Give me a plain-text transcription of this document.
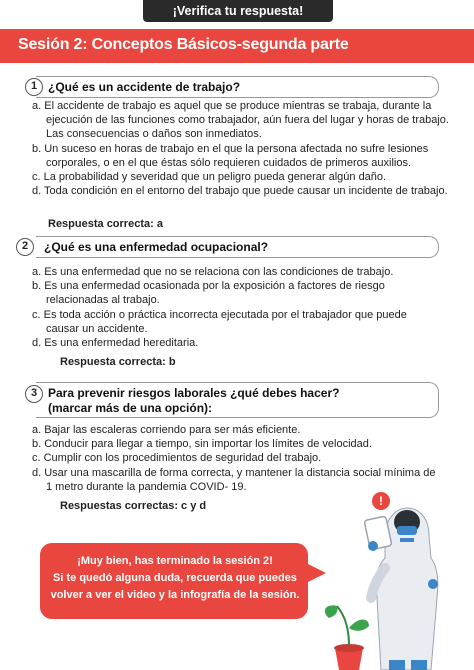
¡Verifica tu respuesta!
Sesión 2: Conceptos Básicos-segunda parte
1 ¿Qué es un accidente de trabajo?
a. El accidente de trabajo es aquel que se produce mientras se trabaja, durante la ejecución de las funciones como trabajador, aún fuera del lugar y horas de trabajo. Las consecuencias o daños son inmediatos.
b. Un suceso en horas de trabajo en el que la persona afectada no sufre lesiones corporales, o en el que éstas sólo requieren cuidados de primeros auxilios.
c. La probabilidad y severidad que un peligro pueda generar algún daño.
d. Toda condición en el entorno del trabajo que puede causar un incidente de trabajo.
Respuesta correcta: a
2	¿Qué es una enfermedad ocupacional?
a. Es una enfermedad que no se relaciona con las condiciones de trabajo.
b. Es una enfermedad ocasionada por la exposición a factores de riesgo relacionadas al trabajo.
c. Es toda acción o práctica incorrecta ejecutada por el trabajador que puede causar un accidente.
d. Es una enfermedad hereditaria.
Respuesta correcta: b
3 Para prevenir riesgos laborales ¿qué debes hacer?
(marcar más de una opción):
a. Bajar las escaleras corriendo para ser más eficiente.
b. Conducir para llegar a tiempo, sin importar los límites de velocidad.
c. Cumplir con los procedimientos de seguridad del trabajo.
d. Usar una mascarilla de forma correcta, y mantener la distancia social mínima de 1 metro durante la pandemia COVID- 19.
Respuestas correctas: c y d
¡Muy bien, has terminado la sesión 2!
Si te quedó alguna duda, recuerda que puedes
volver a ver el video y la infografía de la sesión.
!
